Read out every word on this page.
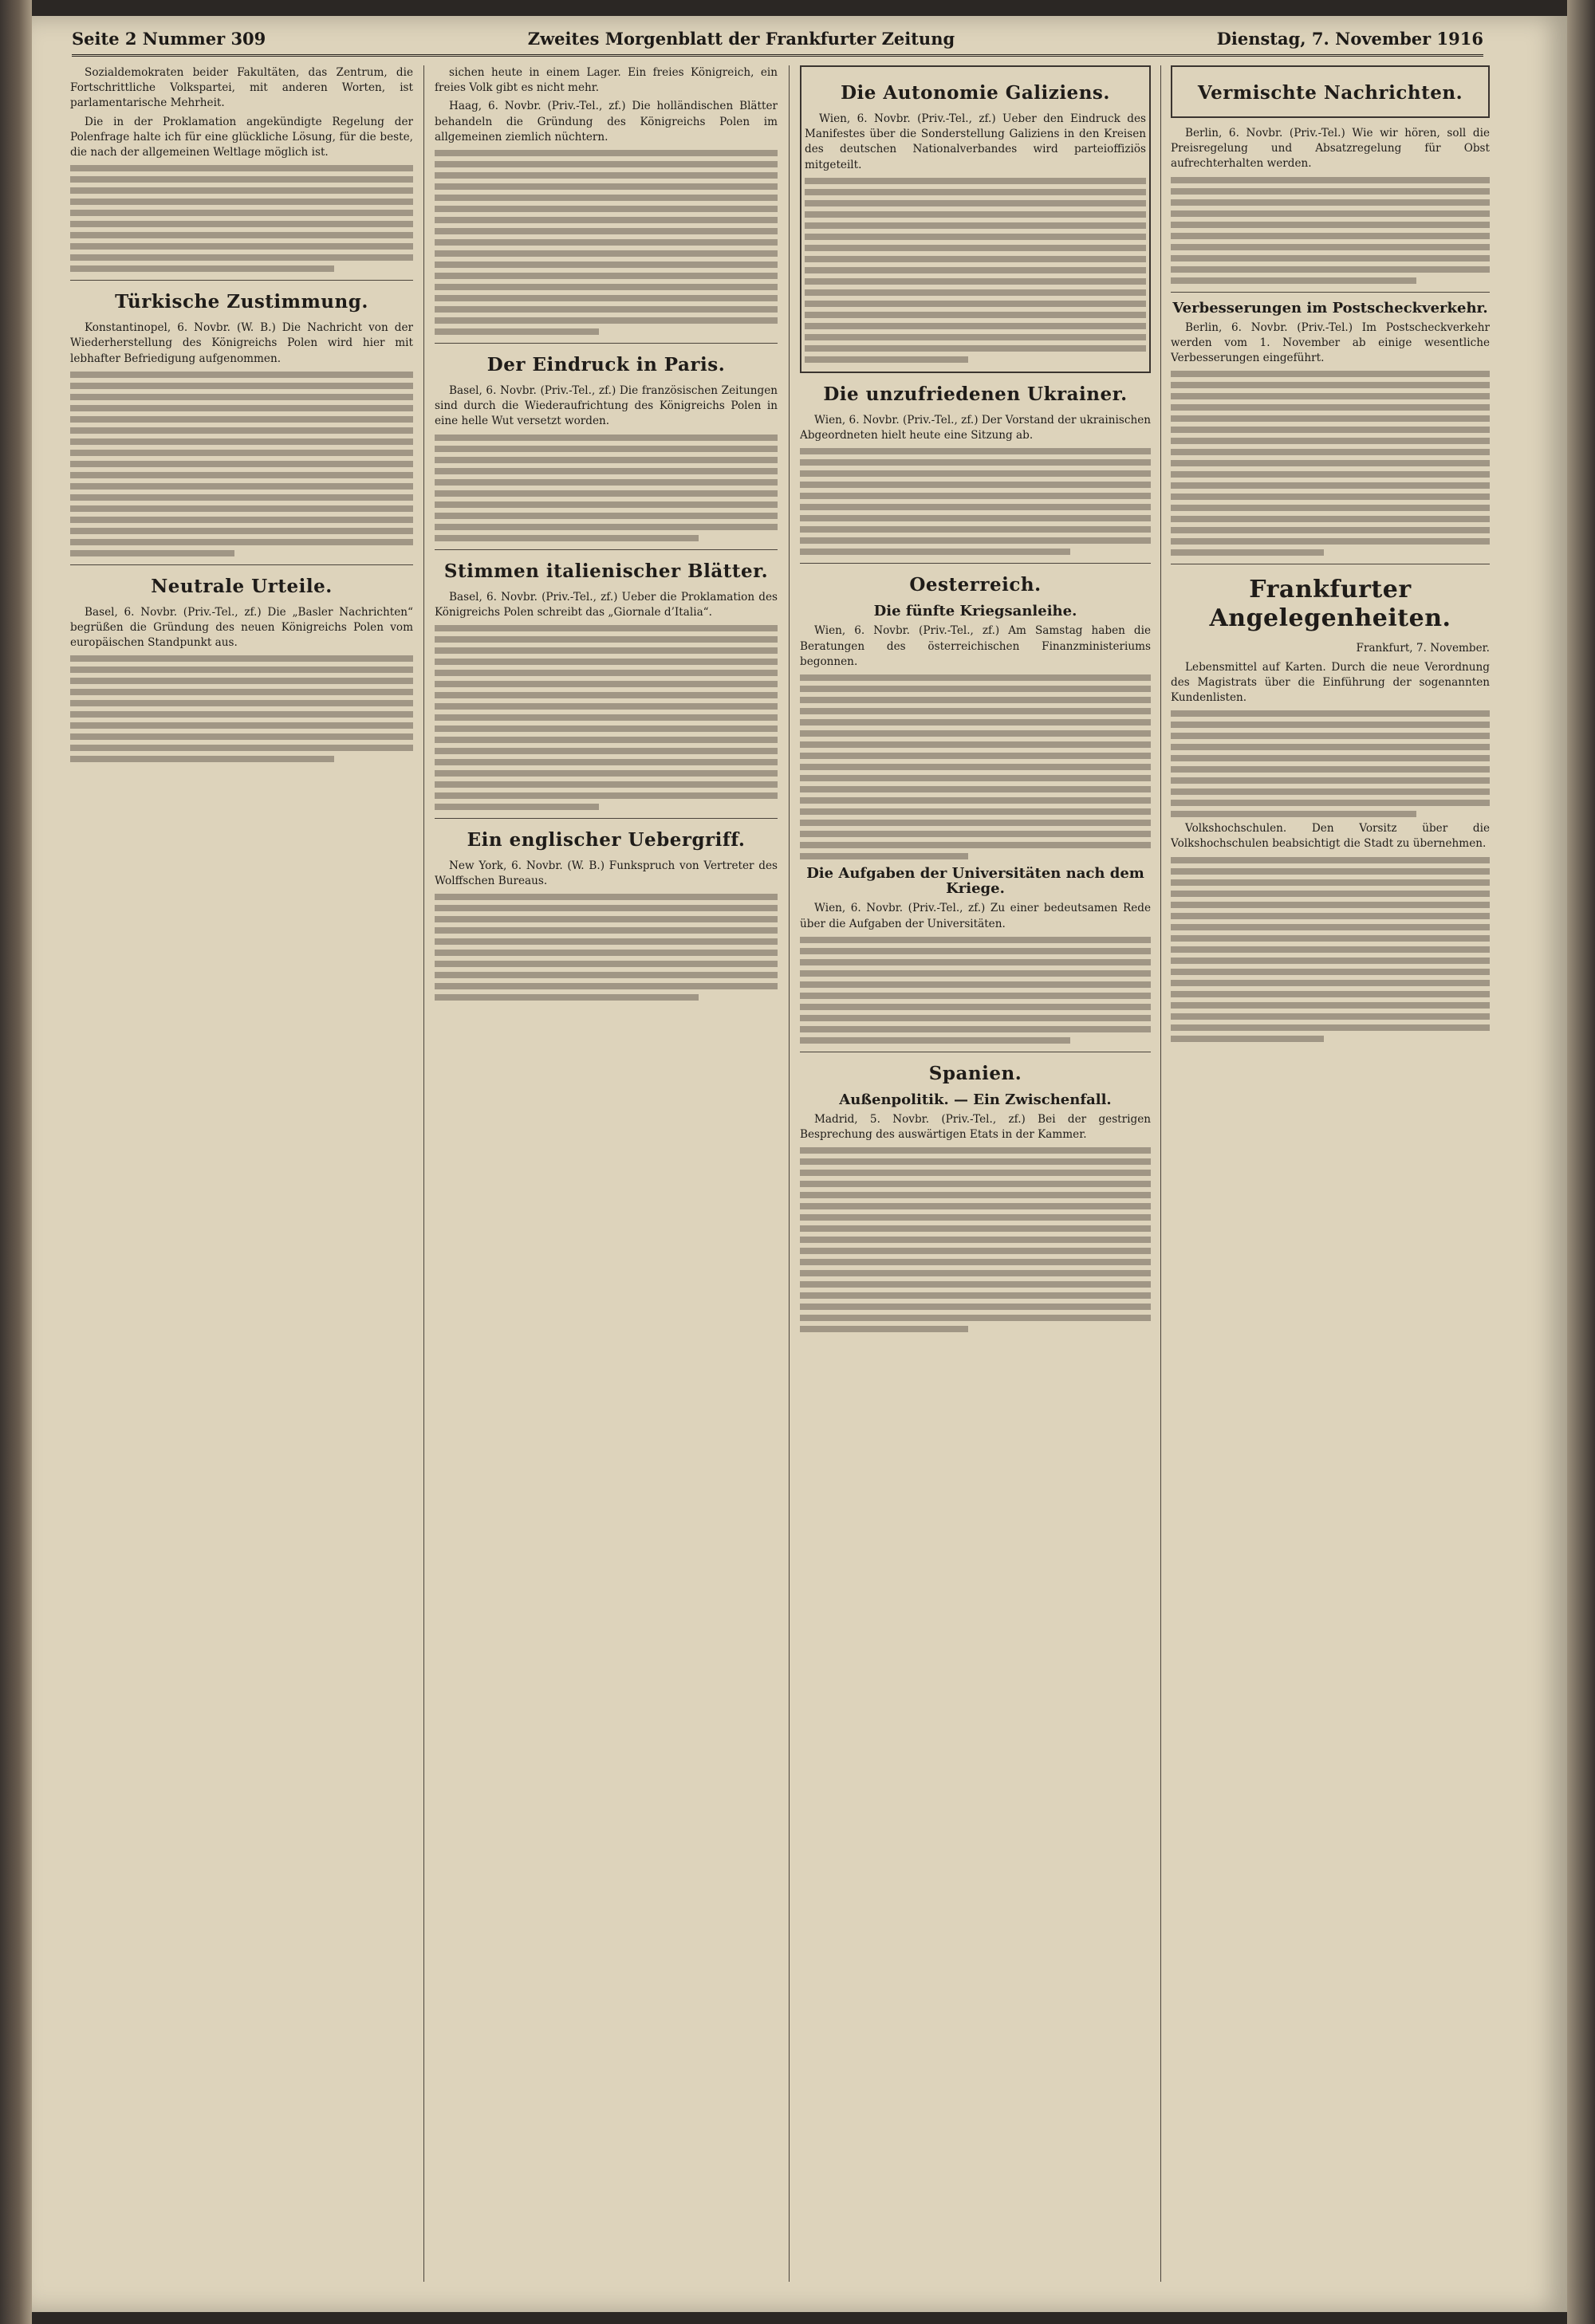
Seite 2 Nummer 309	Zweites Morgenblatt der Frankfurter Zeitung	Dienstag, 7. November 1916

Sozialdemokraten beider Fakultäten, das Zentrum, die Fortschrittliche Volkspartei, mit anderen Worten, ist parlamentarische Mehrheit.

Die in der Proklamation angekündigte Regelung der Polenfrage halte ich für eine glückliche Lösung, für die beste, die nach der allgemeinen Weltlage möglich ist.

Türkische Zustimmung.

Konstantinopel, 6. Novbr. (W. B.) Die Nachricht von der Wiederherstellung des Königreichs Polen wird hier mit lebhafter Befriedigung aufgenommen.

Neutrale Urteile.

Basel, 6. Novbr. (Priv.-Tel., zf.) Die „Basler Nachrichten“ begrüßen die Gründung des neuen Königreichs Polen vom europäischen Standpunkt aus.

sichen heute in einem Lager. Ein freies Königreich, ein freies Volk gibt es nicht mehr.

Haag, 6. Novbr. (Priv.-Tel., zf.) Die holländischen Blätter behandeln die Gründung des Königreichs Polen im allgemeinen ziemlich nüchtern.

Der Eindruck in Paris.

Basel, 6. Novbr. (Priv.-Tel., zf.) Die französischen Zeitungen sind durch die Wiederaufrichtung des Königreichs Polen in eine helle Wut versetzt worden.

Stimmen italienischer Blätter.

Basel, 6. Novbr. (Priv.-Tel., zf.) Ueber die Proklamation des Königreichs Polen schreibt das „Giornale d’Italia“.

Ein englischer Uebergriff.

New York, 6. Novbr. (W. B.) Funkspruch von Vertreter des Wolffschen Bureaus.

Die Autonomie Galiziens.

Wien, 6. Novbr. (Priv.-Tel., zf.) Ueber den Eindruck des Manifestes über die Sonderstellung Galiziens in den Kreisen des deutschen Nationalverbandes wird parteioffiziös mitgeteilt.

Die unzufriedenen Ukrainer.

Wien, 6. Novbr. (Priv.-Tel., zf.) Der Vorstand der ukrainischen Abgeordneten hielt heute eine Sitzung ab.

Oesterreich.
Die fünfte Kriegsanleihe.

Wien, 6. Novbr. (Priv.-Tel., zf.) Am Samstag haben die Beratungen des österreichischen Finanzministeriums begonnen.

Die Aufgaben der Universitäten nach dem Kriege.

Wien, 6. Novbr. (Priv.-Tel., zf.) Zu einer bedeutsamen Rede über die Aufgaben der Universitäten.

Spanien.
Außenpolitik. — Ein Zwischenfall.

Madrid, 5. Novbr. (Priv.-Tel., zf.) Bei der gestrigen Besprechung des auswärtigen Etats in der Kammer.

Vermischte Nachrichten.

Berlin, 6. Novbr. (Priv.-Tel.) Wie wir hören, soll die Preisregelung und Absatzregelung für Obst aufrechterhalten werden.

Verbesserungen im Postscheckverkehr.

Berlin, 6. Novbr. (Priv.-Tel.) Im Postscheckverkehr werden vom 1. November ab einige wesentliche Verbesserungen eingeführt.

Frankfurter Angelegenheiten.

Frankfurt, 7. November.

Lebensmittel auf Karten. Durch die neue Verordnung des Magistrats über die Einführung der sogenannten Kundenlisten.

Volkshochschulen. Den Vorsitz über die Volkshochschulen beabsichtigt die Stadt zu übernehmen.
